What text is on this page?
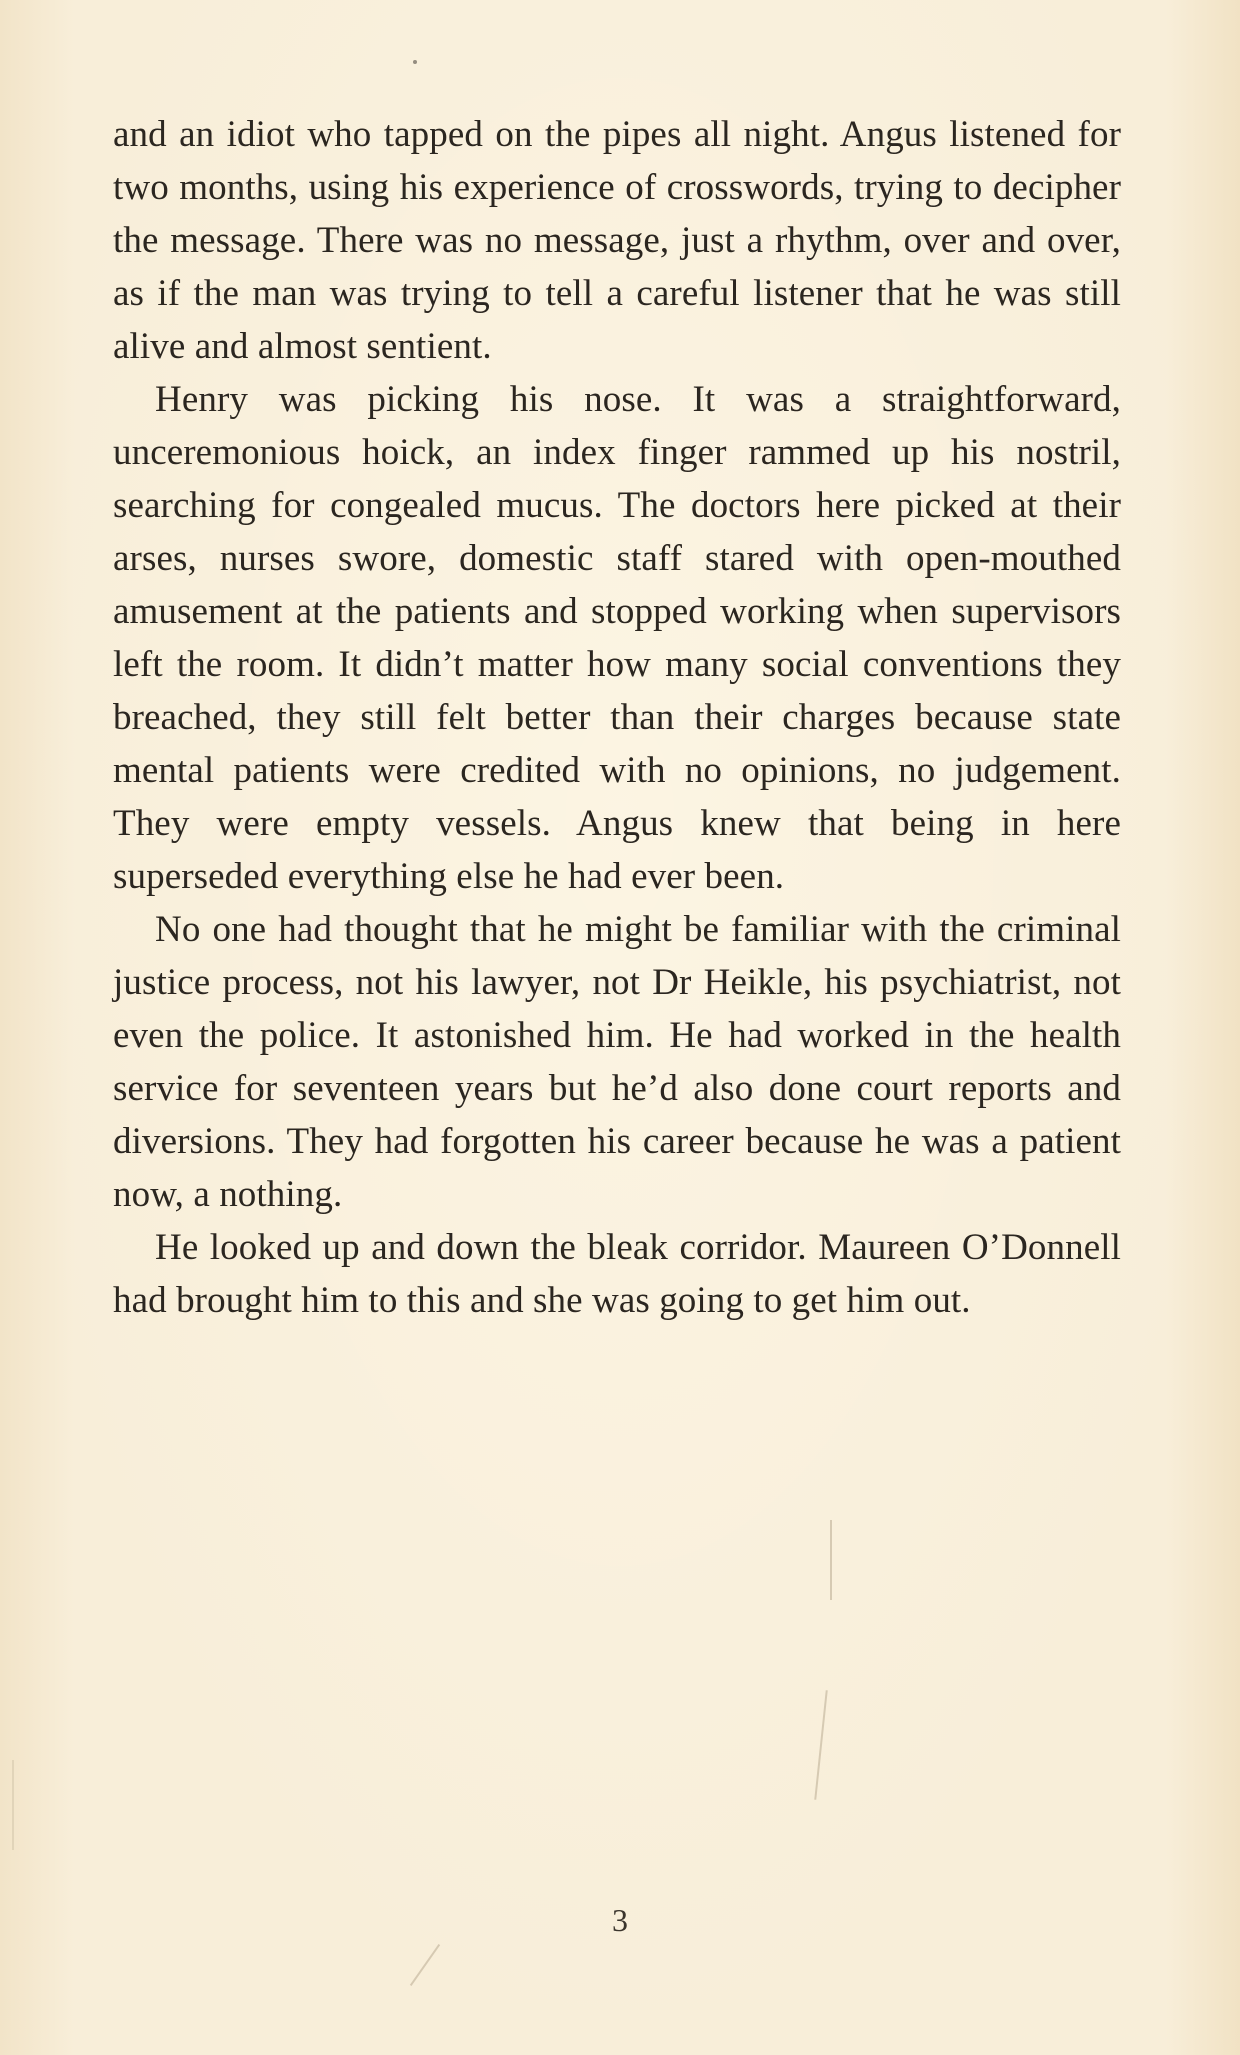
and an idiot who tapped on the pipes all night. Angus listened for two months, using his experience of crosswords, trying to decipher the message. There was no message, just a rhythm, over and over, as if the man was trying to tell a careful listener that he was still alive and almost sentient.

Henry was picking his nose. It was a straightforward, unceremonious hoick, an index finger rammed up his nostril, searching for congealed mucus. The doctors here picked at their arses, nurses swore, domestic staff stared with open-mouthed amusement at the patients and stopped working when supervisors left the room. It didn’t matter how many social conventions they breached, they still felt better than their charges because state mental patients were credited with no opinions, no judgement. They were empty vessels. Angus knew that being in here superseded everything else he had ever been.

No one had thought that he might be familiar with the criminal justice process, not his lawyer, not Dr Heikle, his psychiatrist, not even the police. It astonished him. He had worked in the health service for seventeen years but he’d also done court reports and diversions. They had forgotten his career because he was a patient now, a nothing.

He looked up and down the bleak corridor. Maureen O’Donnell had brought him to this and she was going to get him out.

3
